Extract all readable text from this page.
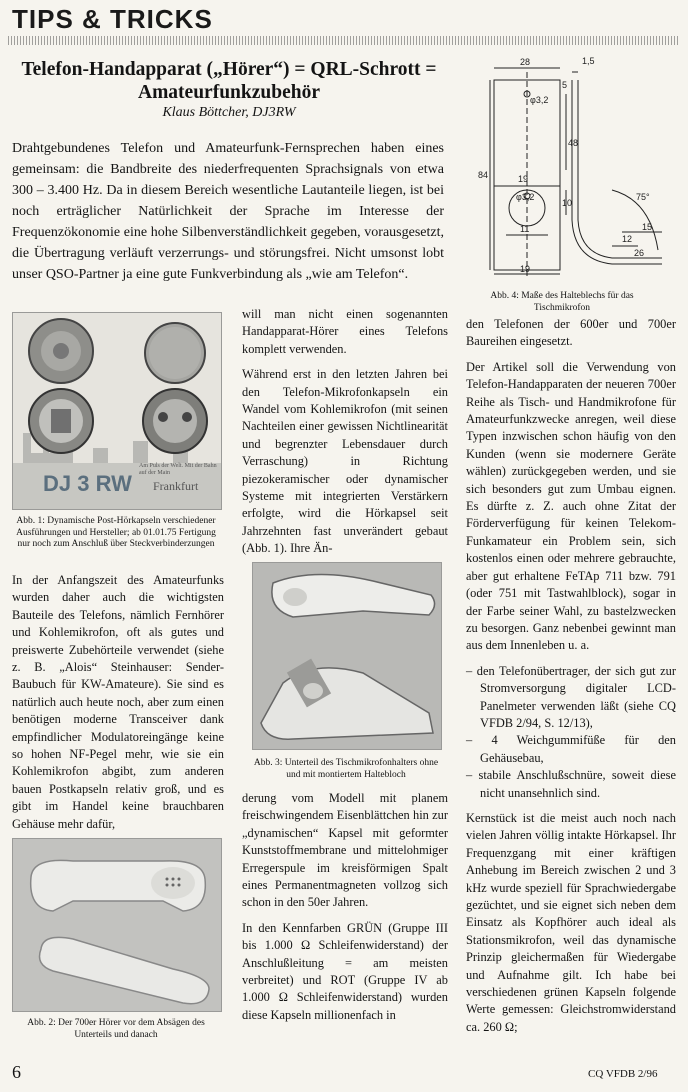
TIPS & TRICKS
Telefon-Handapparat („Hörer“) = QRL-Schrott = Amateurfunkzubehör
Klaus Böttcher, DJ3RW

Drahtgebundenes Telefon und Amateurfunk-Fernsprechen haben eines gemeinsam: die Bandbreite des niederfrequenten Sprachsignals von etwa 300 – 3.400 Hz. Da in diesem Bereich wesentliche Lautanteile liegen, ist bei noch erträglicher Natürlichkeit der Sprache im Interesse der Frequenzökonomie eine hohe Silbenverständlichkeit gegeben, vorausgesetzt, die Übertragung verläuft verzerrungs- und störungsfrei. Nicht umsonst lobt unser QSO-Partner ja eine gute Funkverbindung als „wie am Telefon“.

DJ 3 RW
Am Puls der Welt. Mit der Bahn auf der Main
Frankfurt

Abb. 1: Dynamische Post-Hörkapseln verschiedener Ausführungen und Hersteller; ab 01.01.75 Fertigung nur noch zum Anschluß über Steckverbinderzungen

In der Anfangszeit des Amateurfunks wurden daher auch die wichtigsten Bauteile des Telefons, nämlich Fernhörer und Kohlemikrofon, oft als gutes und preiswerte Zubehörteile verwendet (siehe z. B. „Alois“ Steinhauser: Sender-Baubuch für KW-Amateure). Sie sind es natürlich auch heute noch, aber zum einen benötigen moderne Transceiver dank empfindlicher Modulatoreingänge keine so hohen NF-Pegel mehr, wie sie ein Kohlemikrofon abgibt, zum anderen bauen Postkapseln relativ groß, und es gibt im Handel keine brauchbaren Gehäuse mehr dafür,

Abb. 2: Der 700er Hörer vor dem Absägen des Unterteils und danach

will man nicht einen sogenannten Handapparat-Hörer eines Telefons komplett verwenden.

Während erst in den letzten Jahren bei den Telefon-Mikrofonkapseln ein Wandel vom Kohlemikrofon (mit seinen Nachteilen einer gewissen Nichtlinearität und begrenzter Lebensdauer durch Verraschung) in Richtung piezokeramischer oder dynamischer Systeme mit integrierten Verstärkern erfolgte, wird die Hörkapsel seit Jahrzehnten fast unverändert gebaut (Abb. 1). Ihre Än-

Abb. 3: Unterteil des Tischmikrofonhalters ohne und mit montiertem Haltebloch

derung vom Modell mit planem freischwingendem Eisenblättchen hin zur „dynamischen“ Kapsel mit geformter Kunststoffmembrane und mittelohmiger Erregerspule im kreisförmigen Spalt eines Permanentmagneten vollzog sich schon in den 50er Jahren.

In den Kennfarben GRÜN (Gruppe III bis 1.000 Ω Schleifenwiderstand) der Anschlußleitung = am meisten verbreitet) und ROT (Gruppe IV ab 1.000 Ω Schleifenwiderstand) wurden diese Kapseln millionenfach in

28	1,5
φ3,2
5
48
84	19
φ3,2
10
11
19
75°
12
15
26

Abb. 4: Maße des Halteblechs für das Tischmikrofon

den Telefonen der 600er und 700er Baureihen eingesetzt.

Der Artikel soll die Verwendung von Telefon-Handapparaten der neueren 700er Reihe als Tisch- und Handmikrofone für Amateurfunkzwecke anregen, weil diese Typen inzwischen schon häufig von den Kunden (wenn sie modernere Geräte wählen) zurückgegeben werden, und sie sich besonders gut zum Umbau eignen. Es dürfte z. Z. auch ohne Zitat der Förderverfügung für keinen Telekom-Funkamateur ein Problem sein, sich kostenlos einen oder mehrere gebrauchte, aber gut erhaltene FeTAp 711 bzw. 791 (oder 751 mit Tastwahlblock), sogar in der Farbe seiner Wahl, zu bastelzwecken zu besorgen. Ganz nebenbei gewinnt man aus dem Innenleben u. a.

– den Telefonübertrager, der sich gut zur Stromversorgung digitaler LCD-Panelmeter verwenden läßt (siehe CQ VFDB 2/94, S. 12/13),
– 4 Weichgummifüße für den Gehäusebau,
– stabile Anschlußschnüre, soweit diese nicht unansehnlich sind.

Kernstück ist die meist auch noch nach vielen Jahren völlig intakte Hörkapsel. Ihr Frequenzgang mit einer kräftigen Anhebung im Bereich zwischen 2 und 3 kHz wurde speziell für Sprachwiedergabe gezüchtet, und sie eignet sich neben dem Einsatz als Kopfhörer auch ideal als Stationsmikrofon, weil das dynamische Prinzip gleichermaßen für Wiedergabe und Aufnahme gilt. Ich habe bei verschiedenen grünen Kapseln folgende Werte gemessen: Gleichstromwiderstand ca. 260 Ω;

6	CQ VFDB 2/96
